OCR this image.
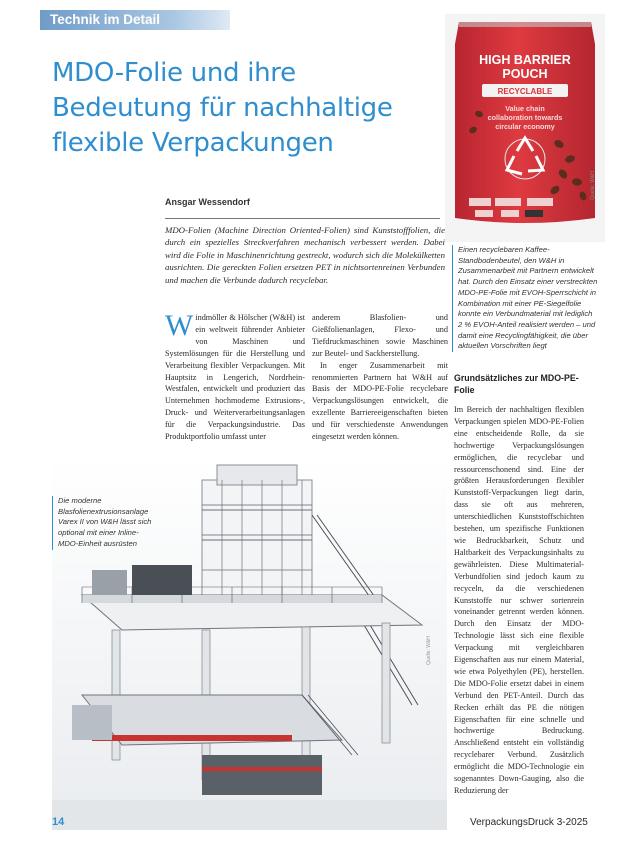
Technik im Detail
MDO-Folie und ihre
Bedeutung für nachhaltige
flexible Verpackungen
Ansgar Wessendorf
MDO-Folien (Machine Direction Oriented-Folien) sind Kunststofffolien, die durch ein spezielles Streckverfahren mechanisch verbessert werden. Dabei wird die Folie in Maschinenrichtung gestreckt, wodurch sich die Molekülketten ausrichten. Die gereckten Folien ersetzen PET in nichtsortenreinen Verbunden und machen die Verbunde dadurch recyclebar.

Windmöller & Hölscher (W&H) ist ein weltweit führender Anbieter von Maschinen und Systemlösungen für die Herstellung und Verarbeitung flexibler Verpackungen. Mit Hauptsitz in Lengerich, Nordrhein-Westfalen, entwickelt und produziert das Unternehmen hochmoderne Extrusions-, Druck- und Weiterverarbeitungsanlagen für die Verpackungsindustrie. Das Produktportfolio umfasst unter

anderem Blasfolien- und Gießfolienanlagen, Flexo- und Tiefdruckmaschinen sowie Maschinen zur Beutel- und Sackherstellung.

In enger Zusammenarbeit mit renommierten Partnern hat W&H auf Basis der MDO-PE-Folie recyclebare Verpackungslösungen entwickelt, die exzellente Barriereeigenschaften bieten und für verschiedenste Anwendungen eingesetzt werden können.

Grundsätzliches zur MDO-PE-Folie

Im Bereich der nachhaltigen flexiblen Verpackungen spielen MDO-PE-Folien eine entscheidende Rolle, da sie hochwertige Verpackungslösungen ermöglichen, die recyclebar und ressourcenschonend sind. Eine der größten Herausforderungen flexibler Kunststoff-Verpackungen liegt darin, dass sie oft aus mehreren, unterschiedlichen Kunststoffschichten bestehen, um spezifische Funktionen wie Bedruckbarkeit, Schutz und Haltbarkeit des Verpackungsinhalts zu gewährleisten. Diese Multimaterial-Verbundfolien sind jedoch kaum zu recyceln, da die verschiedenen Kunststoffe nur schwer sortenrein voneinander getrennt werden können. Durch den Einsatz der MDO-Technologie lässt sich eine flexible Verpackung mit vergleichbaren Eigenschaften aus nur einem Material, wie etwa Polyethylen (PE), herstellen. Die MDO-Folie ersetzt dabei in einem Verbund den PET-Anteil. Durch das Recken erhält das PE die nötigen Eigenschaften für eine schnelle und hochwertige Bedruckung. Anschließend entsteht ein vollständig recyclebarer Verbund. Zusätzlich ermöglicht die MDO-Technologie ein sogenanntes Down-Gauging, also die Reduzierung der

HIGH BARRIER
POUCH
RECYCLABLE
Value chain
collaboration towards
circular economy
Quelle: W&H
Einen recyclebaren Kaffee-Standbodenbeutel, den W&H in Zusammenarbeit mit Partnern entwickelt hat. Durch den Einsatz einer verstreckten MDO-PE-Folie mit EVOH-Sperrschicht in Kombination mit einer PE-Siegelfolie konnte ein Verbundmaterial mit lediglich 2 % EVOH-Anteil realisiert werden – und damit eine Recyclingfähigkeit, die über aktuellen Vorschriften liegt
Quelle: W&H
Die moderne Blasfolienextrusionsanlage Varex II von W&H lässt sich optional mit einer Inline-MDO-Einheit ausrüsten
14	VerpackungsDruck 3-2025
